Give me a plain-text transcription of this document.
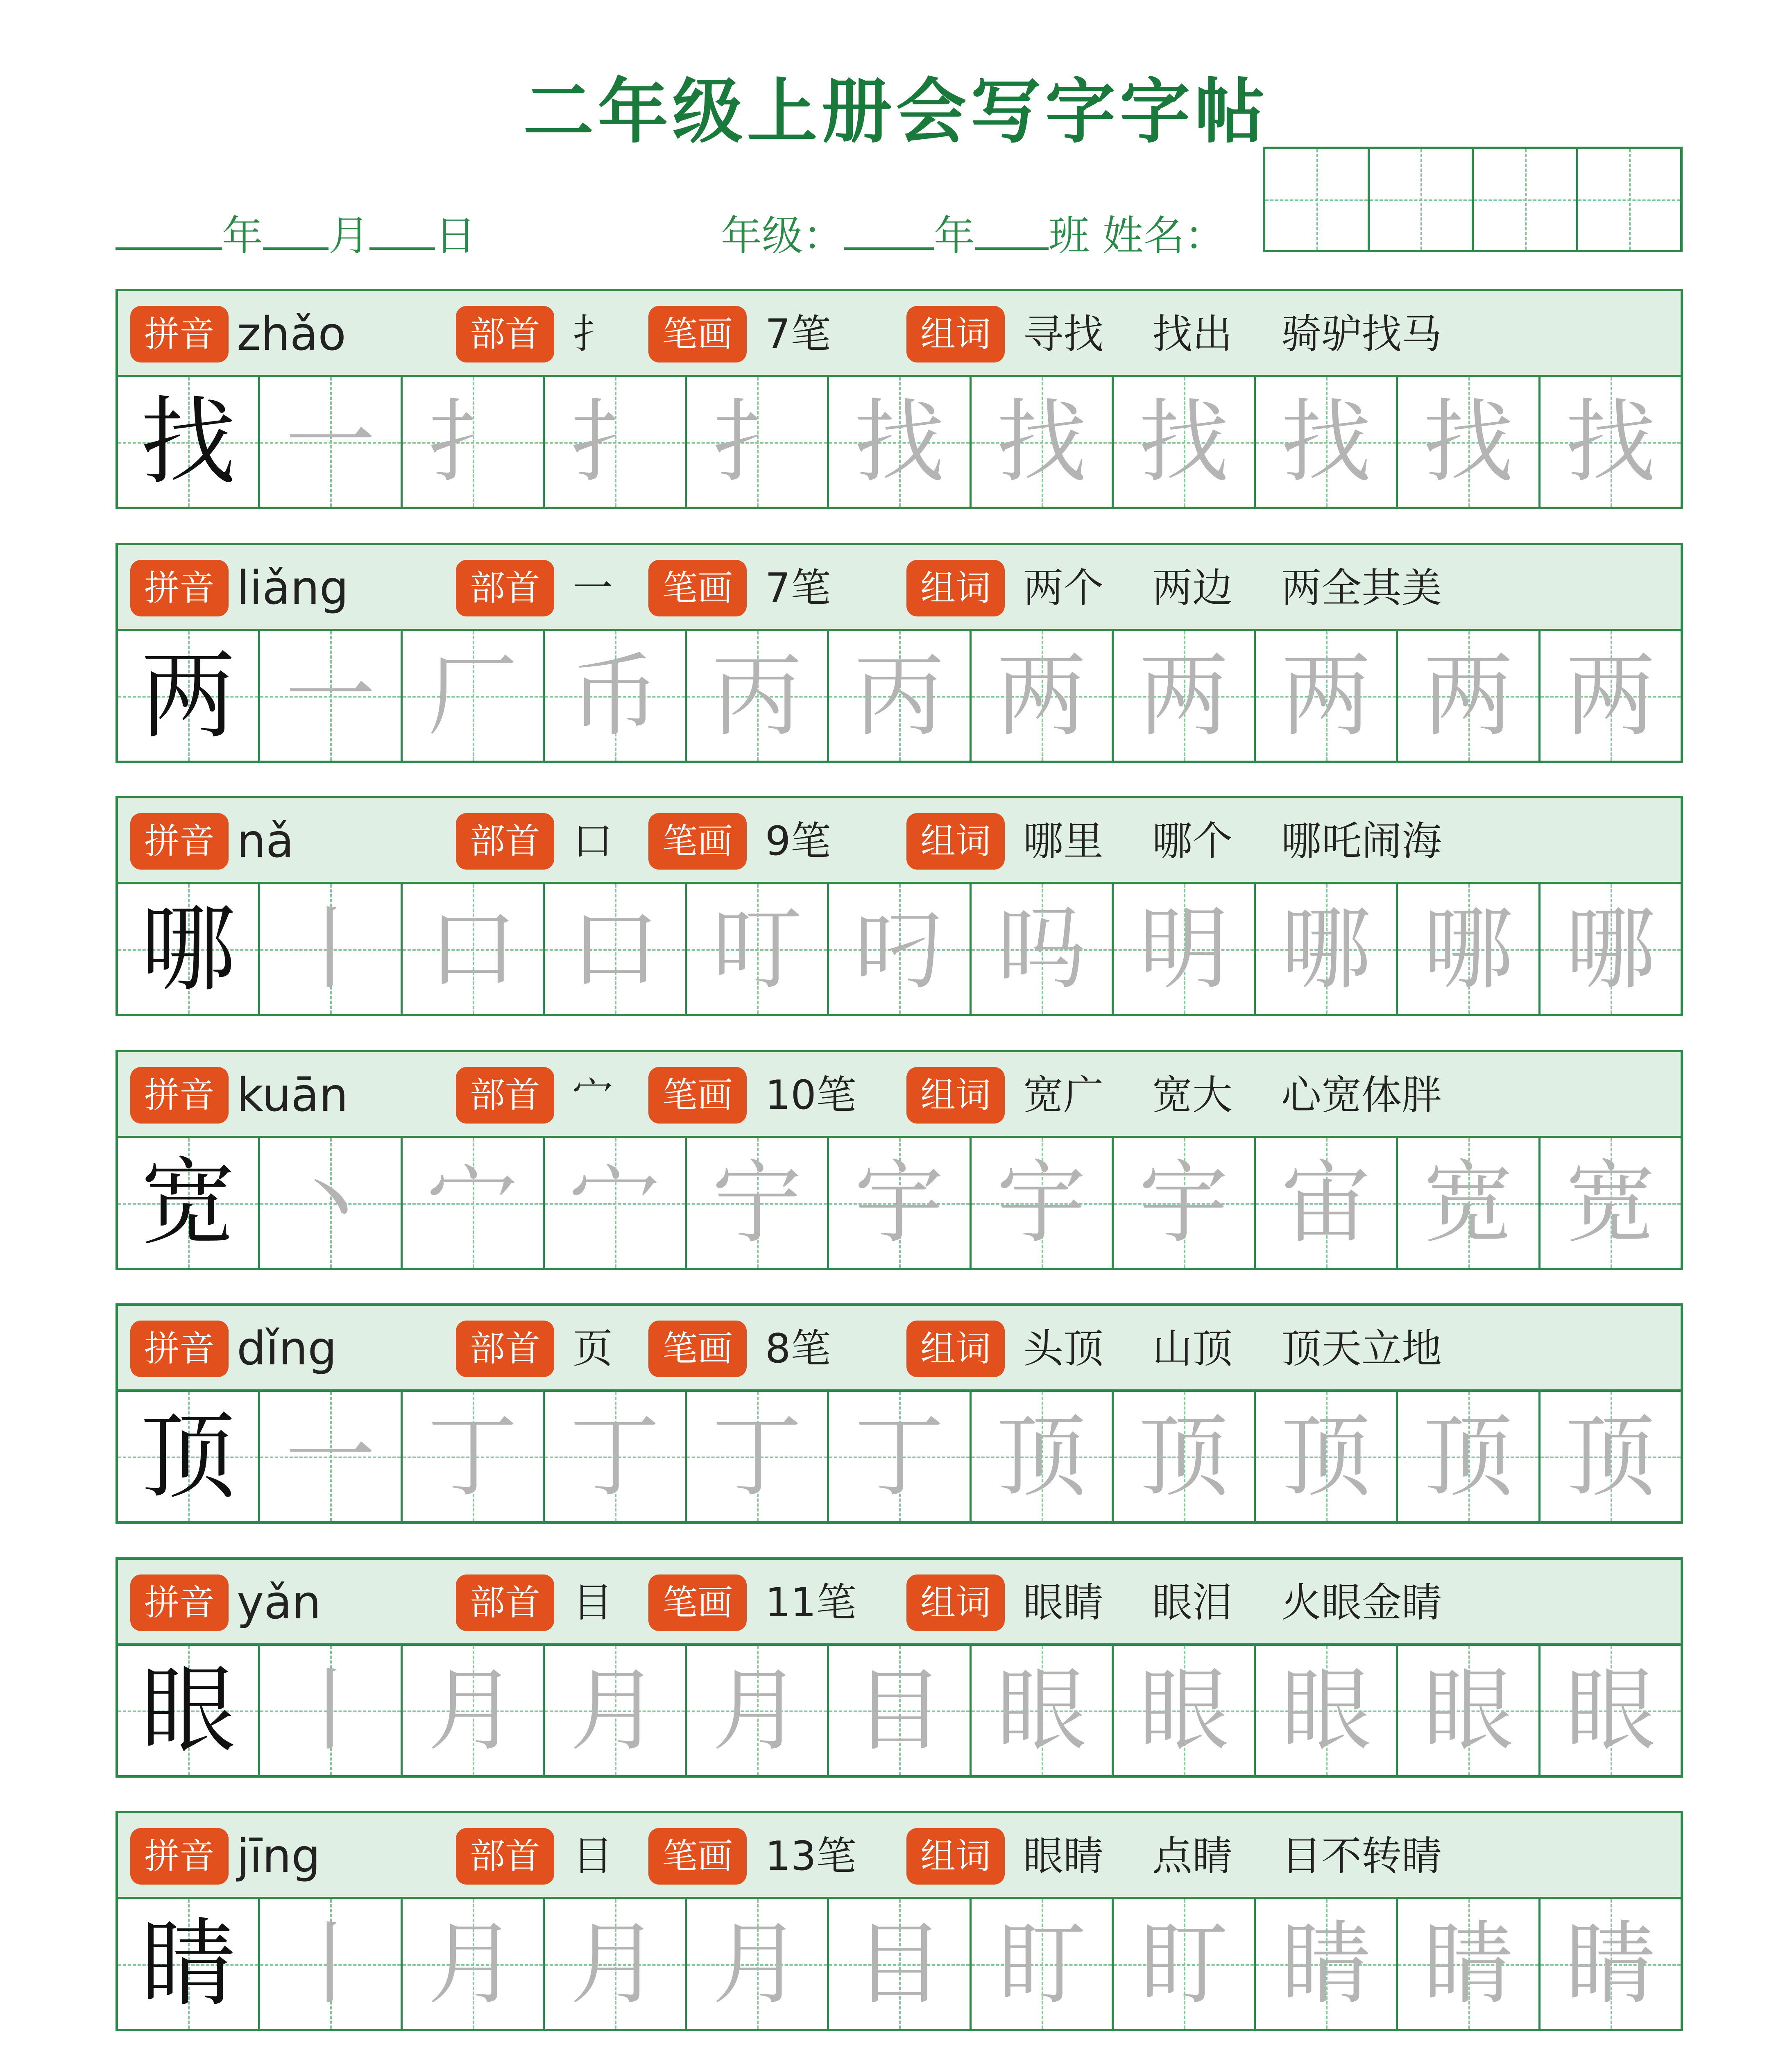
二年级上册会写字字帖
年 月 日	年级： 年 班 姓名：
拼音 zhǎo	部首 扌	笔画 7笔	组词 寻找 找出 骑驴找马
找 一 扌 扌 扌 找 找 找 找 找 找
拼音 liǎng	部首 一	笔画 7笔	组词 两个 两边 两全其美
两 一 厂 币 丙 丙 两 两 两 两 两
拼音 nǎ	部首 口	笔画 9笔	组词 哪里 哪个 哪吒闹海
哪 丨 口 口 叮 叼 吗 明 哪 哪 哪
拼音 kuān	部首 宀	笔画 10笔	组词 宽广 宽大 心宽体胖
宽 丶 宀 宀 宁 宇 宇 宇 宙 宽 宽
拼音 dǐng	部首 页	笔画 8笔	组词 头顶 山顶 顶天立地
顶 一 丁 丁 丁 丁 顶 顶 顶 顶 顶
拼音 yǎn	部首 目	笔画 11笔	组词 眼睛 眼泪 火眼金睛
眼 丨 月 月 月 目 眼 眼 眼 眼 眼
拼音 jīng	部首 目	笔画 13笔	组词 眼睛 点睛 目不转睛
睛 丨 月 月 月 目 盯 盯 睛 睛 睛
